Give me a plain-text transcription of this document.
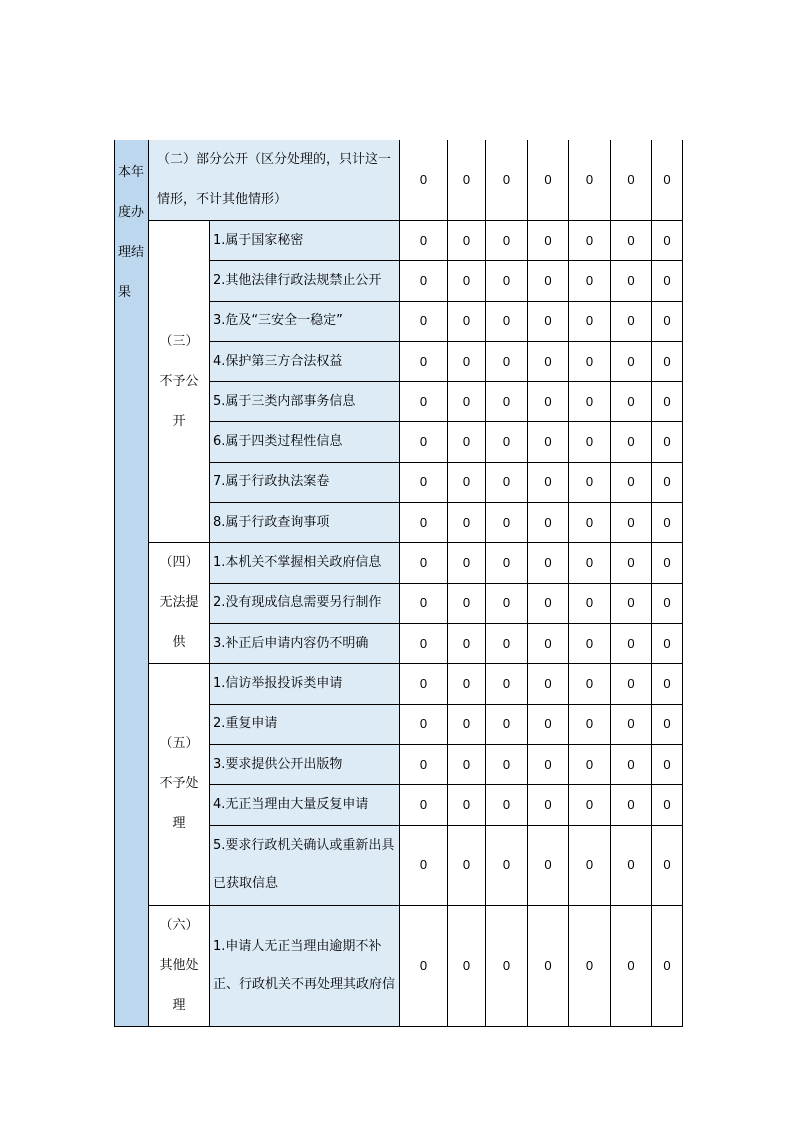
本年度办理结果	（二）部分公开（区分处理的，只计这一情形，不计其他情形）		0	0	0	0	0	0	0

	（三）不予公开	1.属于国家秘密	0	0	0	0	0	0	0
		2.其他法律行政法规禁止公开	0	0	0	0	0	0	0
		3.危及“三安全一稳定”	0	0	0	0	0	0	0
		4.保护第三方合法权益	0	0	0	0	0	0	0
		5.属于三类内部事务信息	0	0	0	0	0	0	0
		6.属于四类过程性信息	0	0	0	0	0	0	0
		7.属于行政执法案卷	0	0	0	0	0	0	0
		8.属于行政查询事项	0	0	0	0	0	0	0

	（四）无法提供	1.本机关不掌握相关政府信息	0	0	0	0	0	0	0
		2.没有现成信息需要另行制作	0	0	0	0	0	0	0
		3.补正后申请内容仍不明确	0	0	0	0	0	0	0

	（五）不予处理	1.信访举报投诉类申请	0	0	0	0	0	0	0
		2.重复申请	0	0	0	0	0	0	0
		3.要求提供公开出版物	0	0	0	0	0	0	0
		4.无正当理由大量反复申请	0	0	0	0	0	0	0
		5.要求行政机关确认或重新出具已获取信息	0	0	0	0	0	0	0

	（六）其他处理	1.申请人无正当理由逾期不补正、行政机关不再处理其政府信	0	0	0	0	0	0	0
